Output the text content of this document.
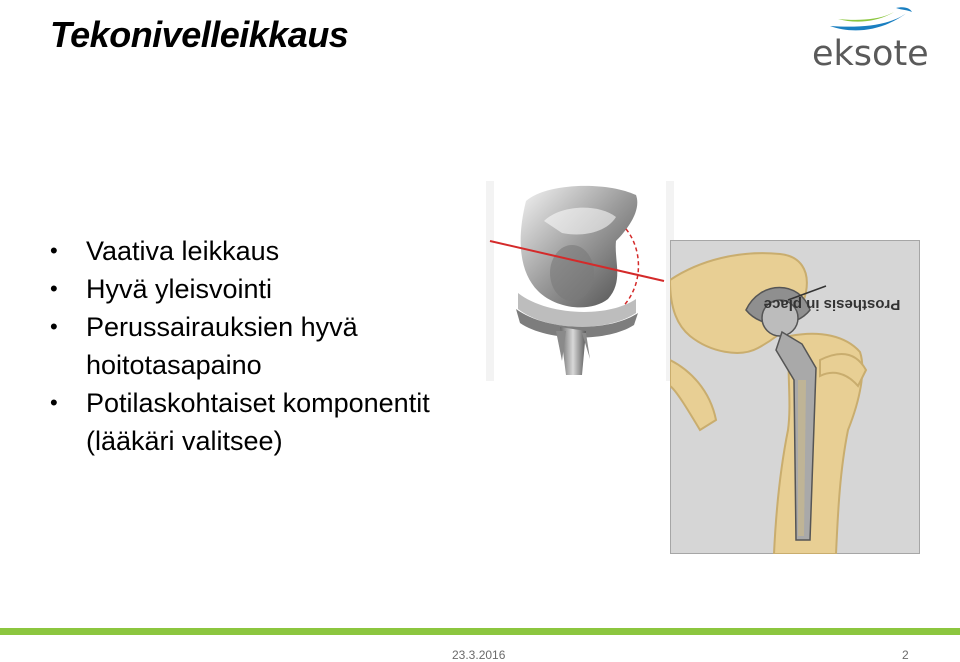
Tekonivelleikkaus	eksote
• Vaativa leikkaus
• Hyvä yleisvointi
• Perussairauksien hyvä hoitotasapaino
• Potilaskohtaiset komponentit (lääkäri valitsee)
Prosthesis in place
23.3.2016	2
